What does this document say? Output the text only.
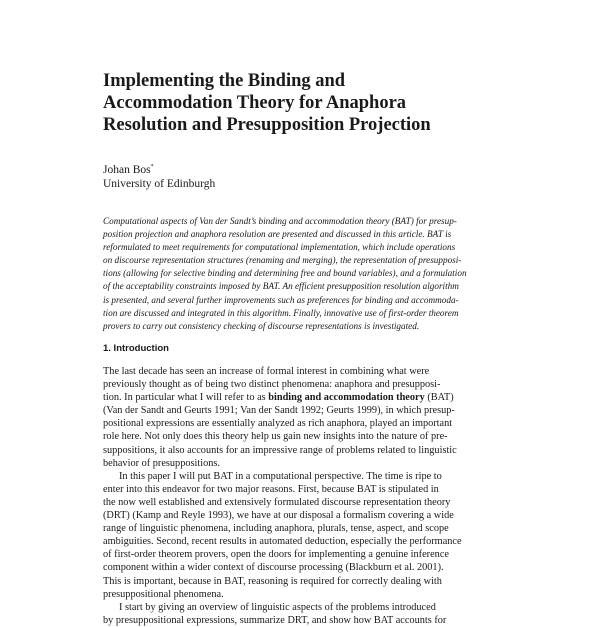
Implementing the Binding and
Accommodation Theory for Anaphora
Resolution and Presupposition Projection
Johan Bos*
University of Edinburgh

Computational aspects of Van der Sandt’s binding and accommodation theory (BAT) for presup-
position projection and anaphora resolution are presented and discussed in this article. BAT is
reformulated to meet requirements for computational implementation, which include operations
on discourse representation structures (renaming and merging), the representation of presupposi-
tions (allowing for selective binding and determining free and bound variables), and a formulation
of the acceptability constraints imposed by BAT. An efficient presupposition resolution algorithm
is presented, and several further improvements such as preferences for binding and accommoda-
tion are discussed and integrated in this algorithm. Finally, innovative use of first-order theorem
provers to carry out consistency checking of discourse representations is investigated.

1. Introduction
The last decade has seen an increase of formal interest in combining what were
previously thought as of being two distinct phenomena: anaphora and presupposi-
tion. In particular what I will refer to as binding and accommodation theory (BAT)
(Van der Sandt and Geurts 1991; Van der Sandt 1992; Geurts 1999), in which presup-
positional expressions are essentially analyzed as rich anaphora, played an important
role here. Not only does this theory help us gain new insights into the nature of pre-
suppositions, it also accounts for an impressive range of problems related to linguistic
behavior of presuppositions.
In this paper I will put BAT in a computational perspective. The time is ripe to
enter into this endeavor for two major reasons. First, because BAT is stipulated in
the now well established and extensively formulated discourse representation theory
(DRT) (Kamp and Reyle 1993), we have at our disposal a formalism covering a wide
range of linguistic phenomena, including anaphora, plurals, tense, aspect, and scope
ambiguities. Second, recent results in automated deduction, especially the performance
of first-order theorem provers, open the doors for implementing a genuine inference
component within a wider context of discourse processing (Blackburn et al. 2001).
This is important, because in BAT, reasoning is required for correctly dealing with
presuppositional phenomena.
I start by giving an overview of linguistic aspects of the problems introduced
by presuppositional expressions, summarize DRT, and show how BAT accounts for
